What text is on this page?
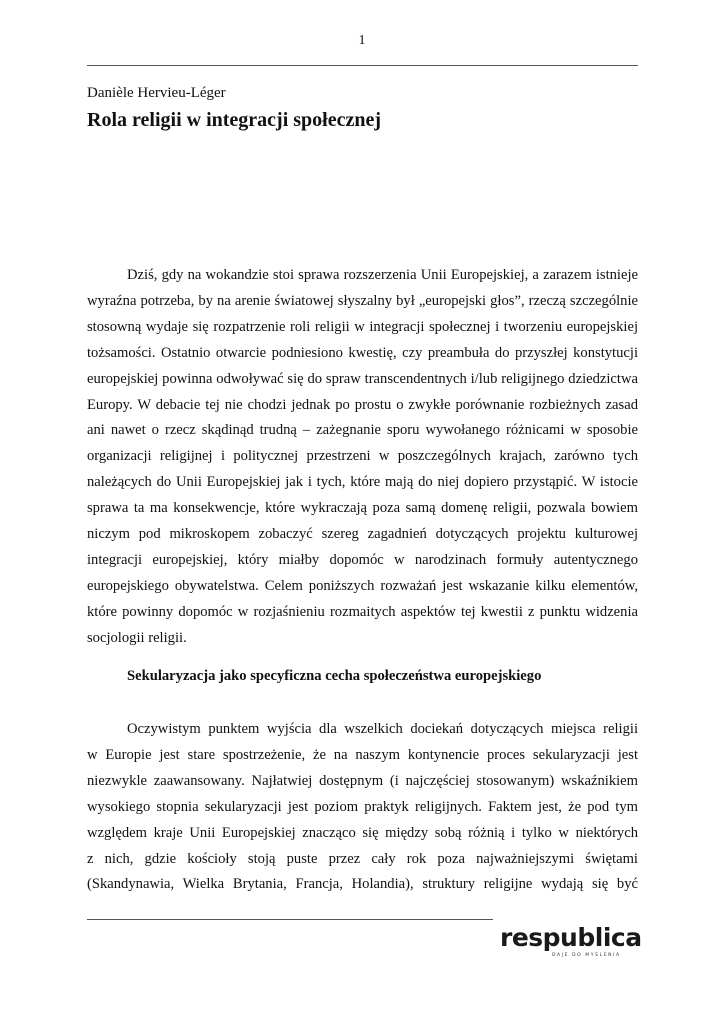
1
Danièle Hervieu-Léger
Rola religii w integracji społecznej
Dziś, gdy na wokandzie stoi sprawa rozszerzenia Unii Europejskiej, a zarazem istnieje
wyraźna potrzeba, by na arenie światowej słyszalny był „europejski głos”, rzeczą szczególnie
stosowną wydaje się rozpatrzenie roli religii w integracji społecznej i tworzeniu europejskiej
tożsamości. Ostatnio otwarcie podniesiono kwestię, czy preambuła do przyszłej konstytucji
europejskiej powinna odwoływać się do spraw transcendentnych i/lub religijnego dziedzictwa
Europy. W debacie tej nie chodzi jednak po prostu o zwykłe porównanie rozbieżnych zasad
ani nawet o rzecz skądinąd trudną – zażegnanie sporu wywołanego różnicami w sposobie
organizacji religijnej i politycznej przestrzeni w poszczególnych krajach, zarówno tych
należących do Unii Europejskiej jak i tych, które mają do niej dopiero przystąpić. W istocie
sprawa ta ma konsekwencje, które wykraczają poza samą domenę religii, pozwala bowiem
niczym pod mikroskopem zobaczyć szereg zagadnień dotyczących projektu kulturowej
integracji europejskiej, który miałby dopomóc w narodzinach formuły autentycznego
europejskiego obywatelstwa. Celem poniższych rozważań jest wskazanie kilku elementów,
które powinny dopomóc w rozjaśnieniu rozmaitych aspektów tej kwestii z punktu widzenia
socjologii religii.
Sekularyzacja jako specyficzna cecha społeczeństwa europejskiego
Oczywistym punktem wyjścia dla wszelkich dociekań dotyczących miejsca religii
w Europie jest stare spostrzeżenie, że na naszym kontynencie proces sekularyzacji jest
niezwykle zaawansowany. Najłatwiej dostępnym (i najczęściej stosowanym) wskaźnikiem
wysokiego stopnia sekularyzacji jest poziom praktyk religijnych. Faktem jest, że pod tym
względem kraje Unii Europejskiej znacząco się między sobą różnią i tylko w niektórych
z nich, gdzie kościoły stoją puste przez cały rok poza najważniejszymi świętami
(Skandynawia, Wielka Brytania, Francja, Holandia), struktury religijne wydają się być
respublica
DAJE DO MYŚLENIA
